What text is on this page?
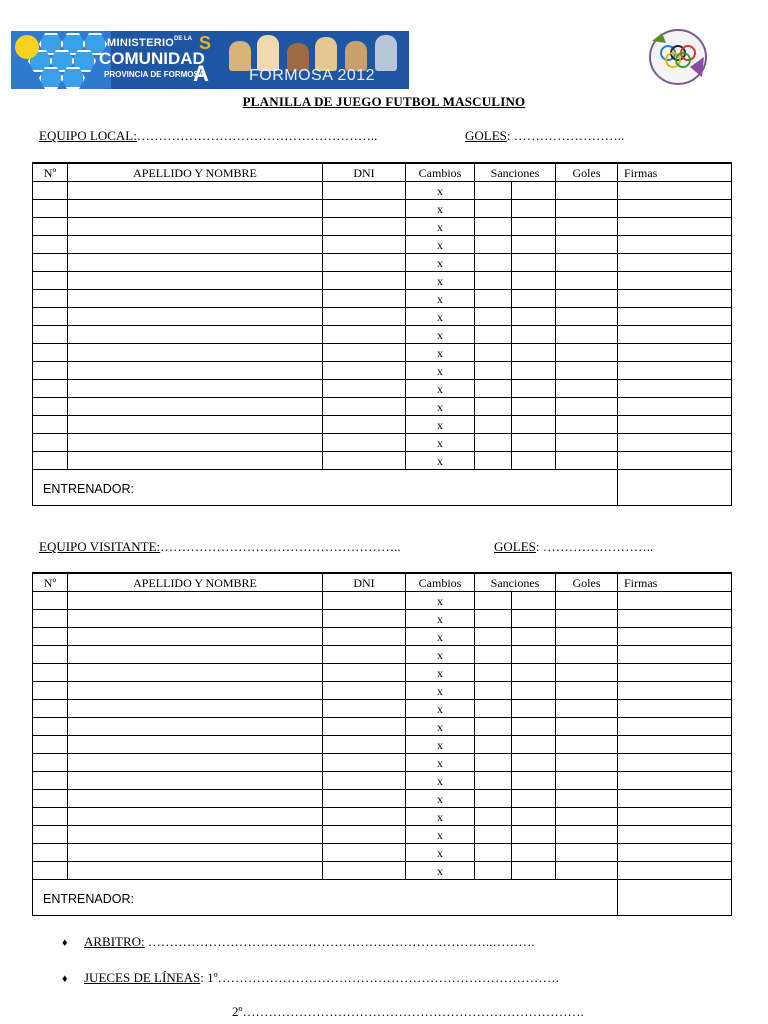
MINISTERIO DE LA
COMUNIDAD
PROVINCIA DE FORMOSA
S
A	FORMOSA 2012
PLANILLA DE JUEGO FUTBOL MASCULINO
EQUIPO LOCAL:………………………………………………..	GOLES: ……………………..
Nº	APELLIDO Y NOMBRE	DNI	Cambios	Sanciones		Goles	Firmas
			x				
			x				
			x				
			x				
			x				
			x				
			x				
			x				
			x				
			x				
			x				
			x				
			x				
			x				
			x				
			x				
ENTRENADOR:							
EQUIPO VISITANTE:………………………………………………..	GOLES: ……………………..
Nº	APELLIDO Y NOMBRE	DNI	Cambios	Sanciones		Goles	Firmas
			x				
			x				
			x				
			x				
			x				
			x				
			x				
			x				
			x				
			x				
			x				
			x				
			x				
			x				
			x				
			x				
ENTRENADOR:							
♦ ARBITRO: ……………………………………………………………………..……….
♦ JUECES DE LÍNEAS: 1º…………………………………………………………………….
2º…………………………………………………………………….
